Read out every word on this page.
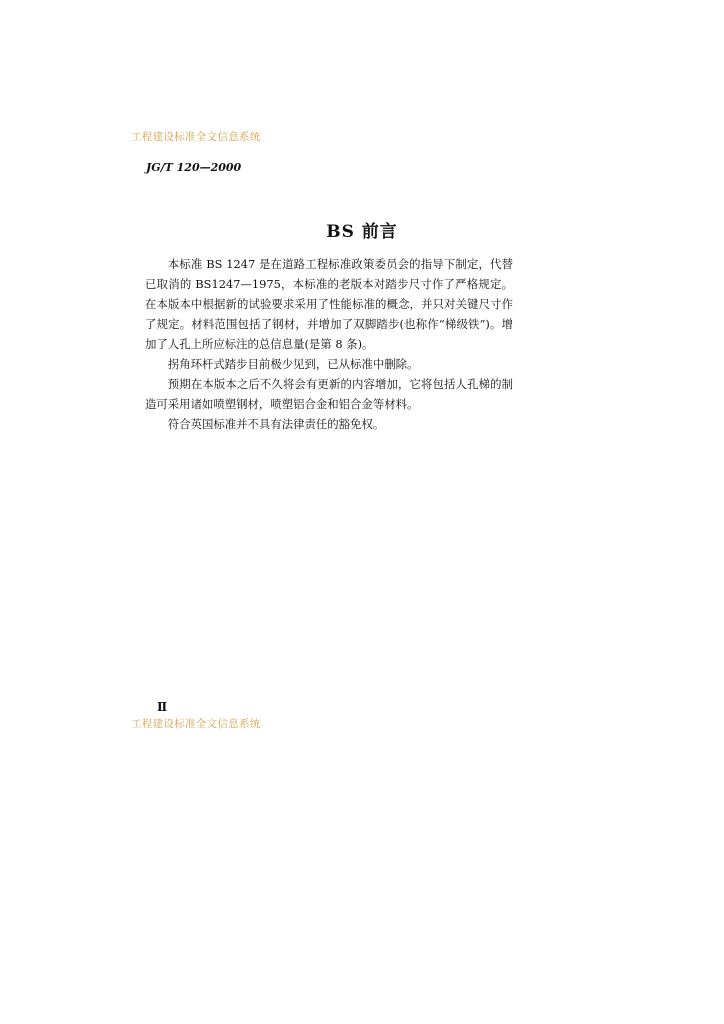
工程建设标准全文信息系统
JG/T 120—2000
BS 前言

本标准 BS 1247 是在道路工程标准政策委员会的指导下制定，代替已取消的 BS1247—1975，本标准的老版本对踏步尺寸作了严格规定。在本版本中根据新的试验要求采用了性能标准的概念，并只对关键尺寸作了规定。材料范围包括了钢材，并增加了双脚踏步(也称作“梯级铁”)。增加了人孔上所应标注的总信息量(是第 8 条)。

拐角环杆式踏步目前极少见到，已从标准中删除。

预期在本版本之后不久将会有更新的内容增加，它将包括人孔梯的制造可采用诸如喷塑钢材，喷塑铝合金和铝合金等材料。

符合英国标准并不具有法律责任的豁免权。

Ⅱ
工程建设标准全文信息系统
